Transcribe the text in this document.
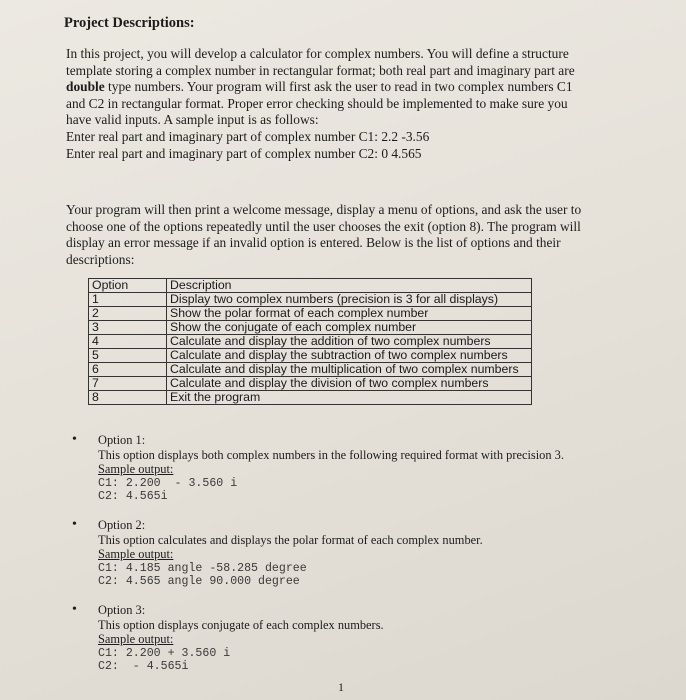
Project Descriptions:
In this project, you will develop a calculator for complex numbers. You will define a structure
template storing a complex number in rectangular format; both real part and imaginary part are
double type numbers. Your program will first ask the user to read in two complex numbers C1
and C2 in rectangular format. Proper error checking should be implemented to make sure you
have valid inputs. A sample input is as follows:
Enter real part and imaginary part of complex number C1: 2.2 -3.56
Enter real part and imaginary part of complex number C2: 0 4.565
Your program will then print a welcome message, display a menu of options, and ask the user to
choose one of the options repeatedly until the user chooses the exit (option 8). The program will
display an error message if an invalid option is entered. Below is the list of options and their
descriptions:
Option	Description
1	Display two complex numbers (precision is 3 for all displays)
2	Show the polar format of each complex number
3	Show the conjugate of each complex number
4	Calculate and display the addition of two complex numbers
5	Calculate and display the subtraction of two complex numbers
6	Calculate and display the multiplication of two complex numbers
7	Calculate and display the division of two complex numbers
8	Exit the program
• Option 1:
This option displays both complex numbers in the following required format with precision 3.
Sample output:
C1: 2.200  - 3.560 i
C2: 4.565i
• Option 2:
This option calculates and displays the polar format of each complex number.
Sample output:
C1: 4.185 angle -58.285 degree
C2: 4.565 angle 90.000 degree
• Option 3:
This option displays conjugate of each complex numbers.
Sample output:
C1: 2.200 + 3.560 i
C2:  - 4.565i
1
